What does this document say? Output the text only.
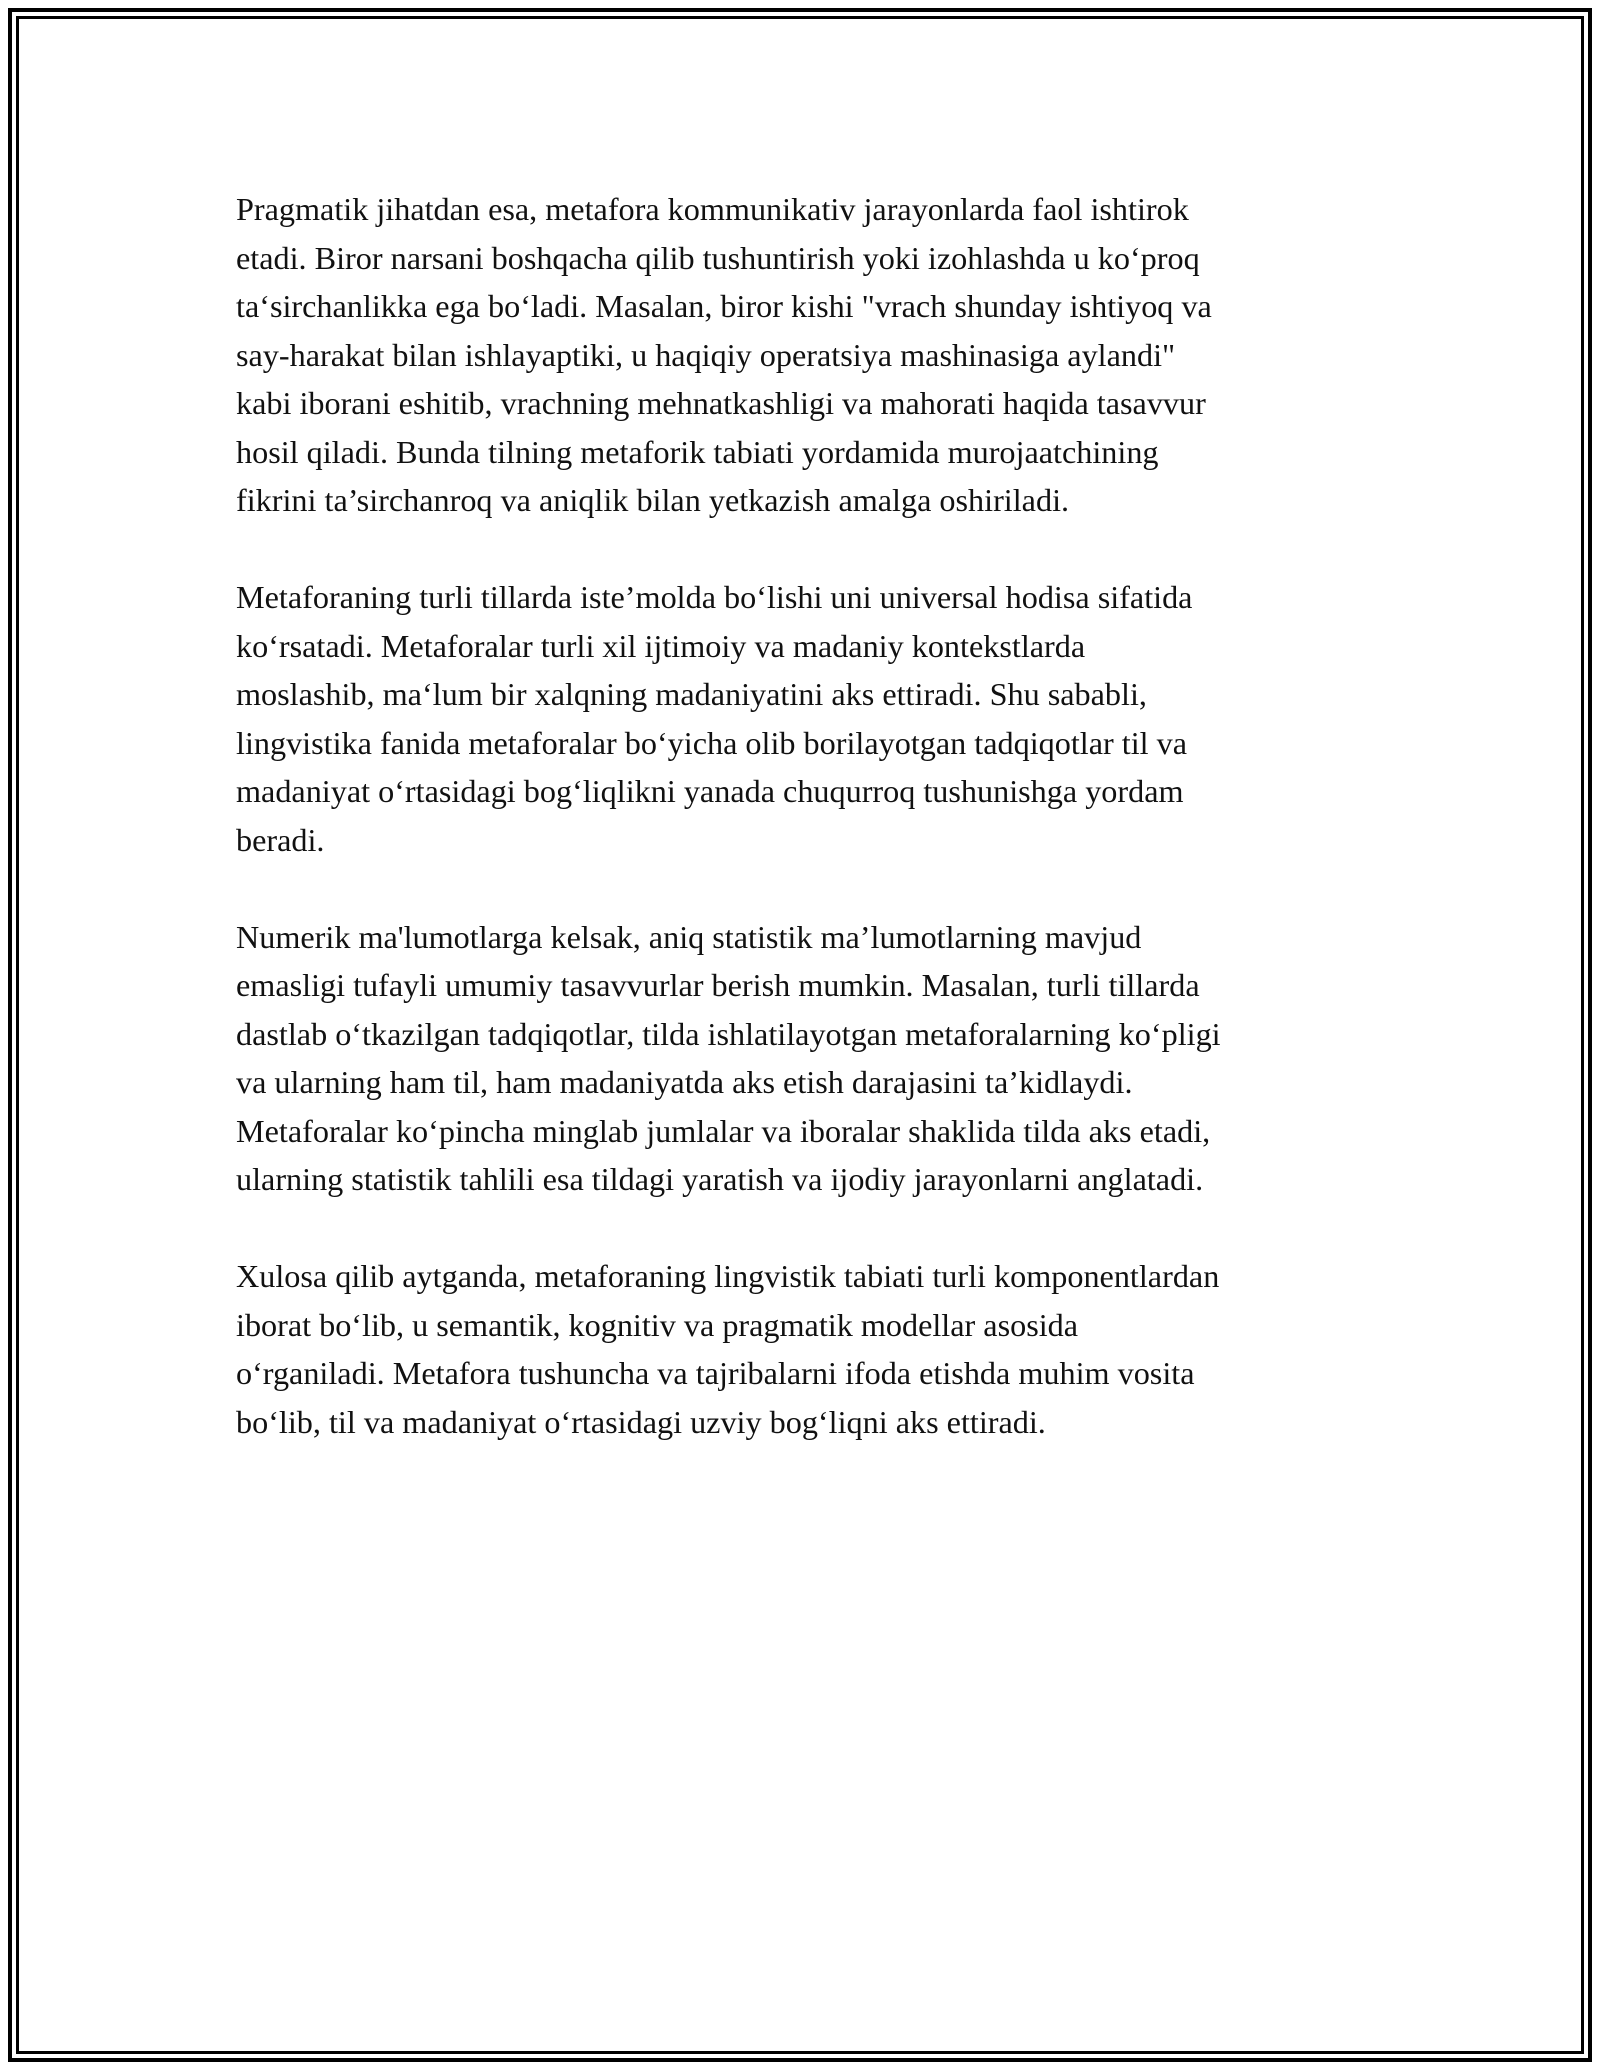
Pragmatik jihatdan esa, metafora kommunikativ jarayonlarda faol ishtirok
etadi. Biror narsani boshqacha qilib tushuntirish yoki izohlashda u ko‘proq
ta‘sirchanlikka ega bo‘ladi. Masalan, biror kishi "vrach shunday ishtiyoq va
say-harakat bilan ishlayaptiki, u haqiqiy operatsiya mashinasiga aylandi"
kabi iborani eshitib, vrachning mehnatkashligi va mahorati haqida tasavvur
hosil qiladi. Bunda tilning metaforik tabiati yordamida murojaatchining
fikrini ta’sirchanroq va aniqlik bilan yetkazish amalga oshiriladi.

Metaforaning turli tillarda iste’molda bo‘lishi uni universal hodisa sifatida
ko‘rsatadi. Metaforalar turli xil ijtimoiy va madaniy kontekstlarda
moslashib, ma‘lum bir xalqning madaniyatini aks ettiradi. Shu sababli,
lingvistika fanida metaforalar bo‘yicha olib borilayotgan tadqiqotlar til va
madaniyat o‘rtasidagi bog‘liqlikni yanada chuqurroq tushunishga yordam
beradi.

Numerik ma'lumotlarga kelsak, aniq statistik ma’lumotlarning mavjud
emasligi tufayli umumiy tasavvurlar berish mumkin. Masalan, turli tillarda
dastlab o‘tkazilgan tadqiqotlar, tilda ishlatilayotgan metaforalarning ko‘pligi
va ularning ham til, ham madaniyatda aks etish darajasini ta’kidlaydi.
Metaforalar ko‘pincha minglab jumlalar va iboralar shaklida tilda aks etadi,
ularning statistik tahlili esa tildagi yaratish va ijodiy jarayonlarni anglatadi.

Xulosa qilib aytganda, metaforaning lingvistik tabiati turli komponentlardan
iborat bo‘lib, u semantik, kognitiv va pragmatik modellar asosida
o‘rganiladi. Metafora tushuncha va tajribalarni ifoda etishda muhim vosita
bo‘lib, til va madaniyat o‘rtasidagi uzviy bog‘liqni aks ettiradi.
